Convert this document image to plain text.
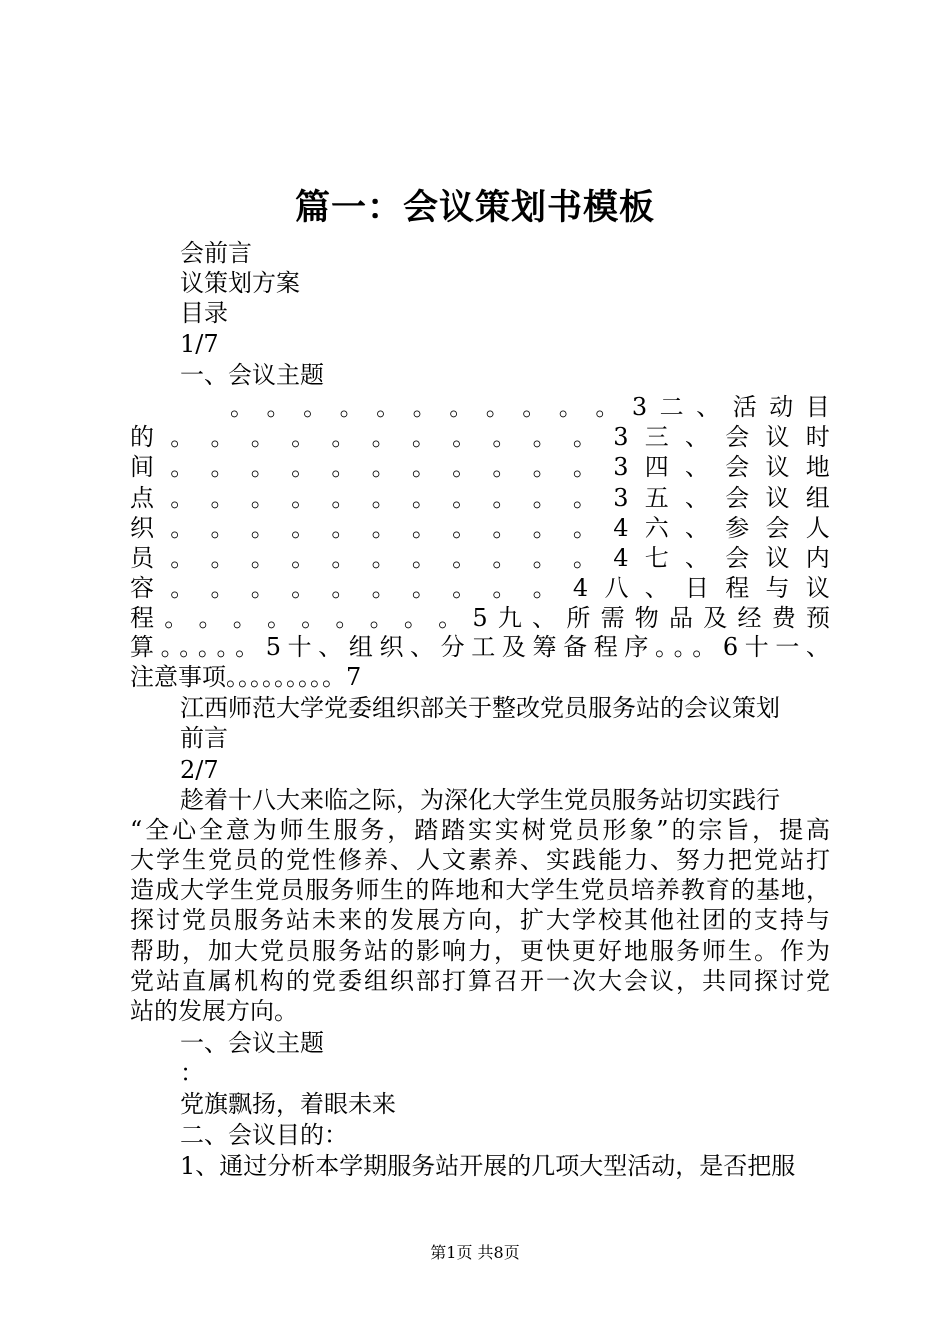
篇一：会议策划书模板
会前言
议策划方案
目录
1/7
一、会议主题
。 。 。 。 。 。 。 。 。 。 。 3 二 、 活 动 目
的 。 。 。 。 。 。 。 。 。 。 。 3 三 、 会 议 时
间 。 。 。 。 。 。 。 。 。 。 。 3 四 、 会 议 地
点 。 。 。 。 。 。 。 。 。 。 。 3 五 、 会 议 组
织 。 。 。 。 。 。 。 。 。 。 。 4 六 、 参 会 人
员 。 。 。 。 。 。 。 。 。 。 。 4 七 、 会 议 内
容 。 。 。 。 。 。 。 。 。 。 4 八 、 日 程 与 议
程 。 。 。 。 。 。 。 。 。 5 九 、 所 需 物 品 及 经 费 预
算。。。。。5十、组织、分工及筹备程序。。。6十一、
注意事项。。。。。。。。。7
江西师范大学党委组织部关于整改党员服务站的会议策划
前言
2/7
趁着十八大来临之际，为深化大学生党员服务站切实践行
“全心全意为师生服务，踏踏实实树党员形象”的宗旨，提高
大学生党员的党性修养、人文素养、实践能力、努力把党站打
造成大学生党员服务师生的阵地和大学生党员培养教育的基地，
探讨党员服务站未来的发展方向，扩大学校其他社团的支持与
帮助，加大党员服务站的影响力，更快更好地服务师生。作为
党站直属机构的党委组织部打算召开一次大会议，共同探讨党
站的发展方向。
一、会议主题
：
党旗飘扬，着眼未来
二、会议目的：
1、通过分析本学期服务站开展的几项大型活动，是否把服
第1页 共8页
